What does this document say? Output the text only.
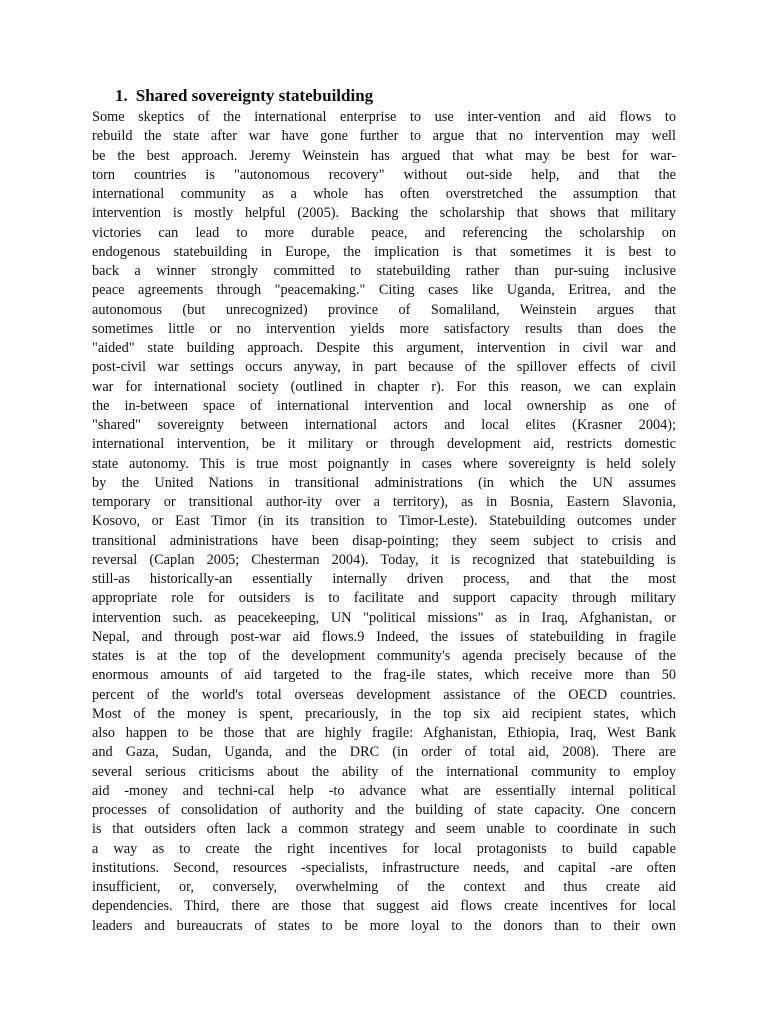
1. Shared sovereignty statebuilding
Some skeptics of the international enterprise to use inter-vention and aid flows to
rebuild the state after war have gone further to argue that no intervention may well
be the best approach. Jeremy Weinstein has argued that what may be best for war-
torn countries is "autonomous recovery" without out-side help, and that the
international community as a whole has often overstretched the assumption that
intervention is mostly helpful (2005). Backing the scholarship that shows that military
victories can lead to more durable peace, and referencing the scholarship on
endogenous statebuilding in Europe, the implication is that sometimes it is best to
back a winner strongly committed to statebuilding rather than pur-suing inclusive
peace agreements through "peacemaking." Citing cases like Uganda, Eritrea, and the
autonomous (but unrecognized) province of Somaliland, Weinstein argues that
sometimes little or no intervention yields more satisfactory results than does the
"aided" state building approach. Despite this argument, intervention in civil war and
post-civil war settings occurs anyway, in part because of the spillover effects of civil
war for international society (outlined in chapter r). For this reason, we can explain
the in-between space of international intervention and local ownership as one of
"shared" sovereignty between international actors and local elites (Krasner 2004);
international intervention, be it military or through development aid, restricts domestic
state autonomy. This is true most poignantly in cases where sovereignty is held solely
by the United Nations in transitional administrations (in which the UN assumes
temporary or transitional author-ity over a territory), as in Bosnia, Eastern Slavonia,
Kosovo, or East Timor (in its transition to Timor-Leste). Statebuilding outcomes under
transitional administrations have been disap-pointing; they seem subject to crisis and
reversal (Caplan 2005; Chesterman 2004). Today, it is recognized that statebuilding is
still-as historically-an essentially internally driven process, and that the most
appropriate role for outsiders is to facilitate and support capacity through military
intervention such. as peacekeeping, UN "political missions" as in Iraq, Afghanistan, or
Nepal, and through post-war aid flows.9 Indeed, the issues of statebuilding in fragile
states is at the top of the development community's agenda precisely because of the
enormous amounts of aid targeted to the frag-ile states, which receive more than 50
percent of the world's total overseas development assistance of the OECD countries.
Most of the money is spent, precariously, in the top six aid recipient states, which
also happen to be those that are highly fragile: Afghanistan, Ethiopia, Iraq, West Bank
and Gaza, Sudan, Uganda, and the DRC (in order of total aid, 2008). There are
several serious criticisms about the ability of the international community to employ
aid -money and techni-cal help -to advance what are essentially internal political
processes of consolidation of authority and the building of state capacity. One concern
is that outsiders often lack a common strategy and seem unable to coordinate in such
a way as to create the right incentives for local protagonists to build capable
institutions. Second, resources -specialists, infrastructure needs, and capital -are often
insufficient, or, conversely, overwhelming of the context and thus create aid
dependencies. Third, there are those that suggest aid flows create incentives for local
leaders and bureaucrats of states to be more loyal to the donors than to their own
